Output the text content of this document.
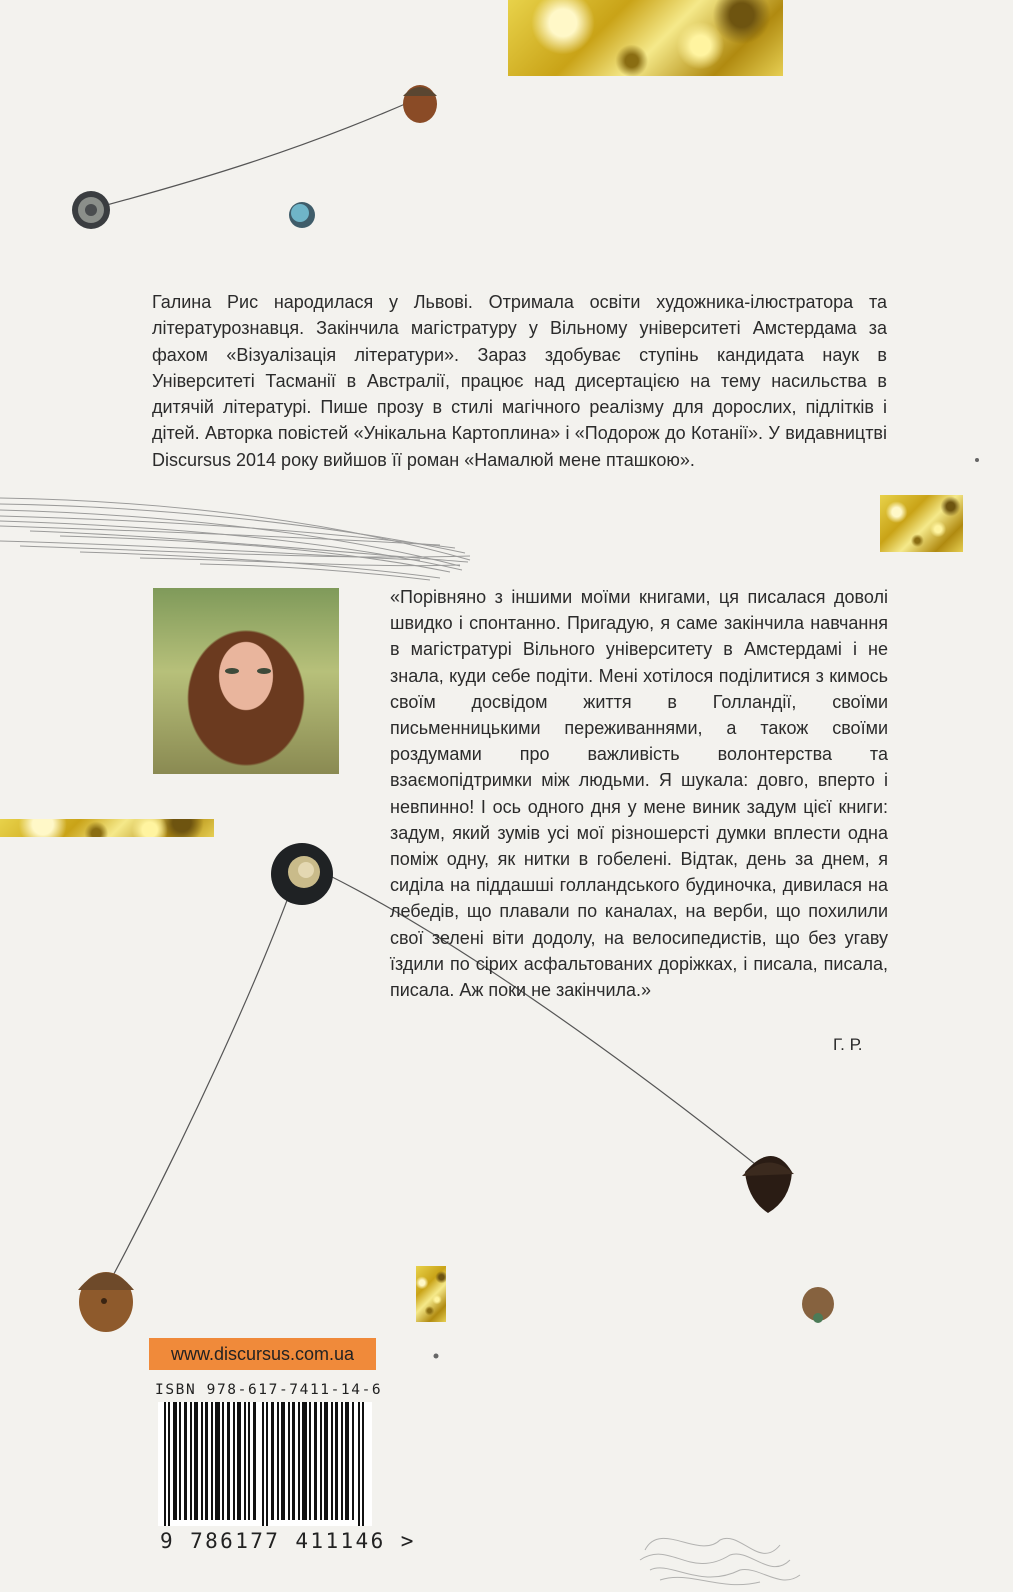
Галина Рис народилася у Львові. Отримала освіти художника-ілюстратора та літературознавця. Закінчила магістратуру у Вільному університеті Амстердама за фахом «Візуалізація літератури». Зараз здобуває ступінь кандидата наук в Університеті Тасманії в Австралії, працює над дисертацією на тему насильства в дитячій літературі. Пише прозу в стилі магічного реалізму для дорослих, підлітків і дітей. Авторка повістей «Унікальна Картоплина» і «Подорож до Котанії». У видавництві Discursus 2014 року вийшов її роман «Намалюй мене пташкою».

«Порівняно з іншими моїми книгами, ця писалася доволі швидко і спонтанно. Пригадую, я саме закінчила навчання в магістратурі Вільного університету в Амстердамі і не знала, куди себе подіти. Мені хотілося поділитися з кимось своїм досвідом життя в Голландії, своїми письменницькими переживаннями, а також своїми роздумами про важливість волонтерства та взаємопідтримки між людьми. Я шукала: довго, вперто і невпинно! І ось одного дня у мене виник задум цієї книги: задум, який зумів усі мої різношерсті думки вплести одна поміж одну, як нитки в гобелені. Відтак, день за днем, я сиділа на піддашші голландського будиночка, дивилася на лебедів, що плавали по каналах, на верби, що похилили свої зелені віти додолу, на велосипедистів, що без угаву їздили по сірих асфальтованих доріжках, і писала, писала, писала. Аж поки не закінчила.»

Г. Р.
www.discursus.com.ua
ISBN 978-617-7411-14-6
9 786177 411146 >
